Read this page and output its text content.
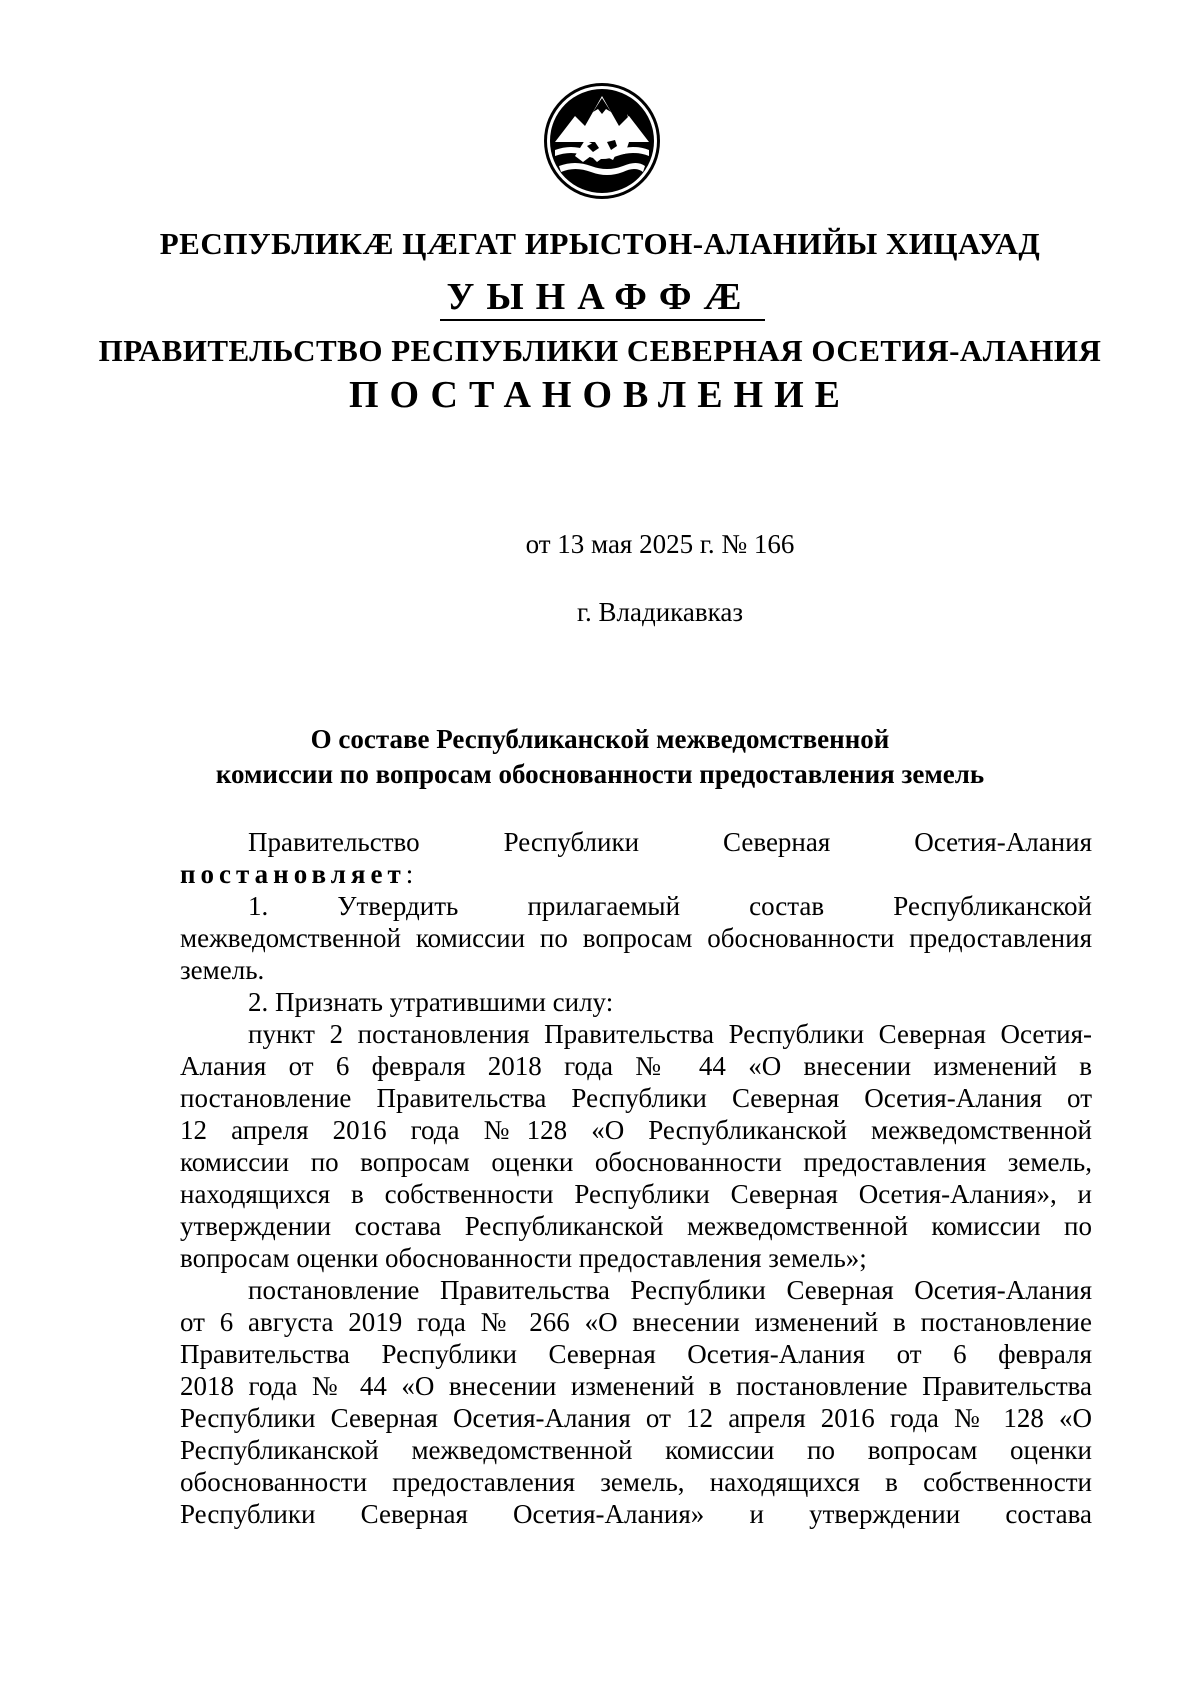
РЕСПУБЛИКÆ ЦÆГАТ ИРЫСТОН-АЛАНИЙЫ ХИЦАУАД
УЫНАФФÆ
ПРАВИТЕЛЬСТВО РЕСПУБЛИКИ СЕВЕРНАЯ ОСЕТИЯ-АЛАНИЯ
ПОСТАНОВЛЕНИЕ
от 13 мая 2025 г. № 166
г. Владикавказ
О составе Республиканской межведомственной
комиссии по вопросам обоснованности предоставления земель
Правительство Республики Северная Осетия-Алания
постановляет:
1. Утвердить прилагаемый состав Республиканской
межведомственной комиссии по вопросам обоснованности предоставления
земель.
2. Признать утратившими силу:
пункт 2 постановления Правительства Республики Северная Осетия-
Алания от 6 февраля 2018 года № 44 «О внесении изменений в
постановление Правительства Республики Северная Осетия-Алания от
12 апреля 2016 года №128 «О Республиканской межведомственной
комиссии по вопросам оценки обоснованности предоставления земель,
находящихся в собственности Республики Северная Осетия-Алания», и
утверждении состава Республиканской межведомственной комиссии по
вопросам оценки обоснованности предоставления земель»;
постановление Правительства Республики Северная Осетия-Алания
от 6 августа 2019 года № 266 «О внесении изменений в постановление
Правительства Республики Северная Осетия-Алания от 6 февраля
2018 года № 44 «О внесении изменений в постановление Правительства
Республики Северная Осетия-Алания от 12 апреля 2016 года № 128 «О
Республиканской межведомственной комиссии по вопросам оценки
обоснованности предоставления земель, находящихся в собственности
Республики Северная Осетия-Алания» и утверждении состава
